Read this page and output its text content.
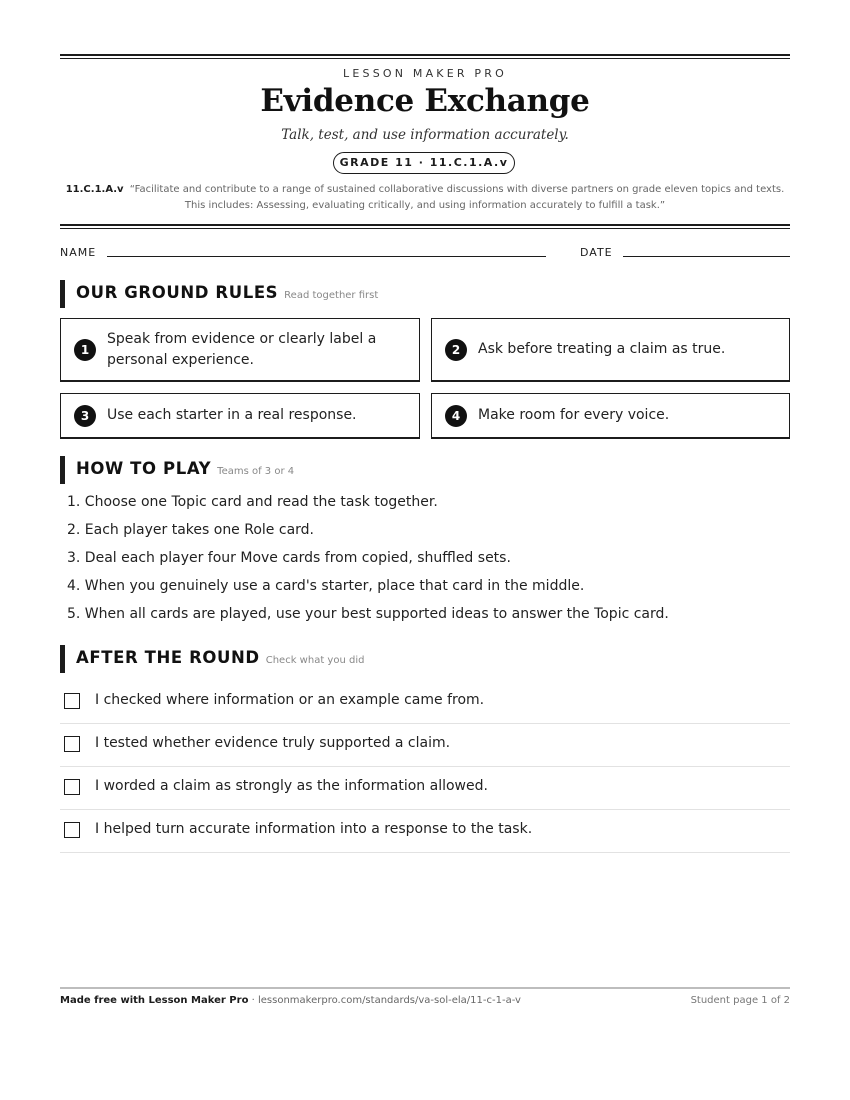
LESSON MAKER PRO
Evidence Exchange
Talk, test, and use information accurately.
GRADE 11 · 11.C.1.A.v
11.C.1.A.v “Facilitate and contribute to a range of sustained collaborative discussions with diverse partners on grade eleven topics and texts.
This includes: Assessing, evaluating critically, and using information accurately to fulfill a task.”
NAME	DATE
OUR GROUND RULES Read together first
1
Speak from evidence or clearly label a personal experience.
2	Ask before treating a claim as true.
3	Use each starter in a real response.	4	Make room for every voice.
HOW TO PLAY Teams of 3 or 4
1. Choose one Topic card and read the task together.
2. Each player takes one Role card.
3. Deal each player four Move cards from copied, shuffled sets.
4. When you genuinely use a card's starter, place that card in the middle.
5. When all cards are played, use your best supported ideas to answer the Topic card.
AFTER THE ROUND Check what you did
I checked where information or an example came from.
I tested whether evidence truly supported a claim.
I worded a claim as strongly as the information allowed.
I helped turn accurate information into a response to the task.
Made free with Lesson Maker Pro · lessonmakerpro.com/standards/va-sol-ela/11-c-1-a-v	Student page 1 of 2
